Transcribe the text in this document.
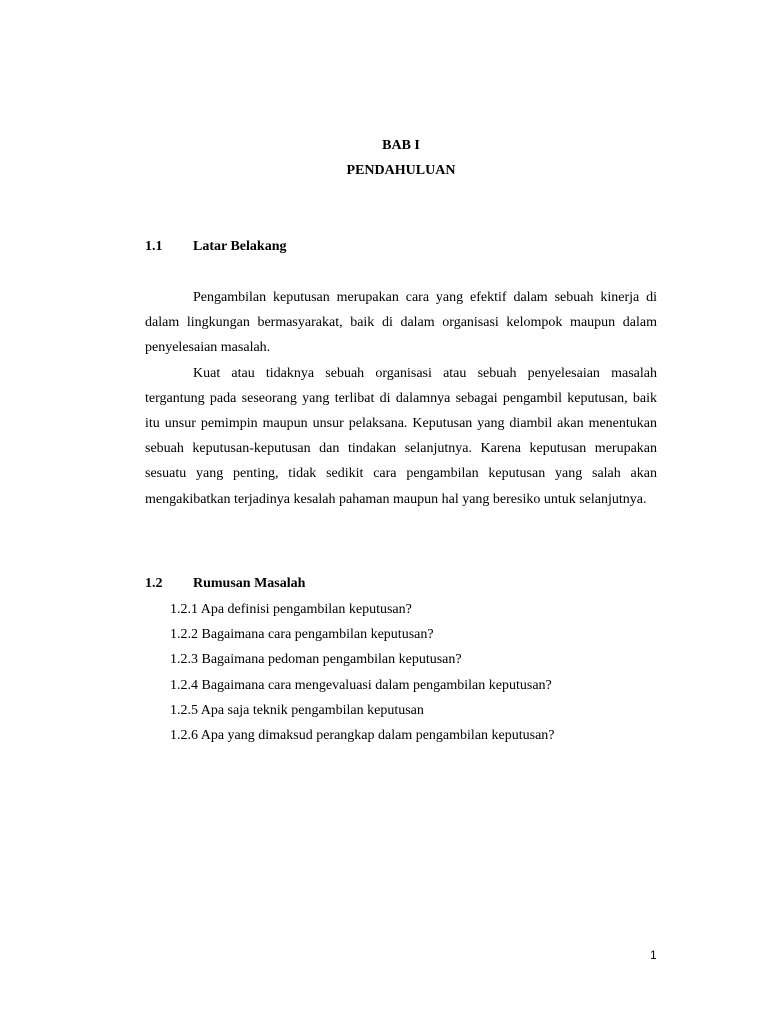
BAB I
PENDAHULUAN
1.1 Latar Belakang

Pengambilan keputusan merupakan cara yang efektif dalam sebuah kinerja di dalam lingkungan bermasyarakat, baik di dalam organisasi kelompok maupun dalam penyelesaian masalah.

Kuat atau tidaknya sebuah organisasi atau sebuah penyelesaian masalah tergantung pada seseorang yang terlibat di dalamnya sebagai pengambil keputusan, baik itu unsur pemimpin maupun unsur pelaksana. Keputusan yang diambil akan menentukan sebuah keputusan-keputusan dan tindakan selanjutnya. Karena keputusan merupakan sesuatu yang penting, tidak sedikit cara pengambilan keputusan yang salah akan mengakibatkan terjadinya kesalah pahaman maupun hal yang beresiko untuk selanjutnya.

1.2 Rumusan Masalah
1.2.1 Apa definisi pengambilan keputusan?
1.2.2 Bagaimana cara pengambilan keputusan?
1.2.3 Bagaimana pedoman pengambilan keputusan?
1.2.4 Bagaimana cara mengevaluasi dalam pengambilan keputusan?
1.2.5 Apa saja teknik pengambilan keputusan
1.2.6 Apa yang dimaksud perangkap dalam pengambilan keputusan?
1
